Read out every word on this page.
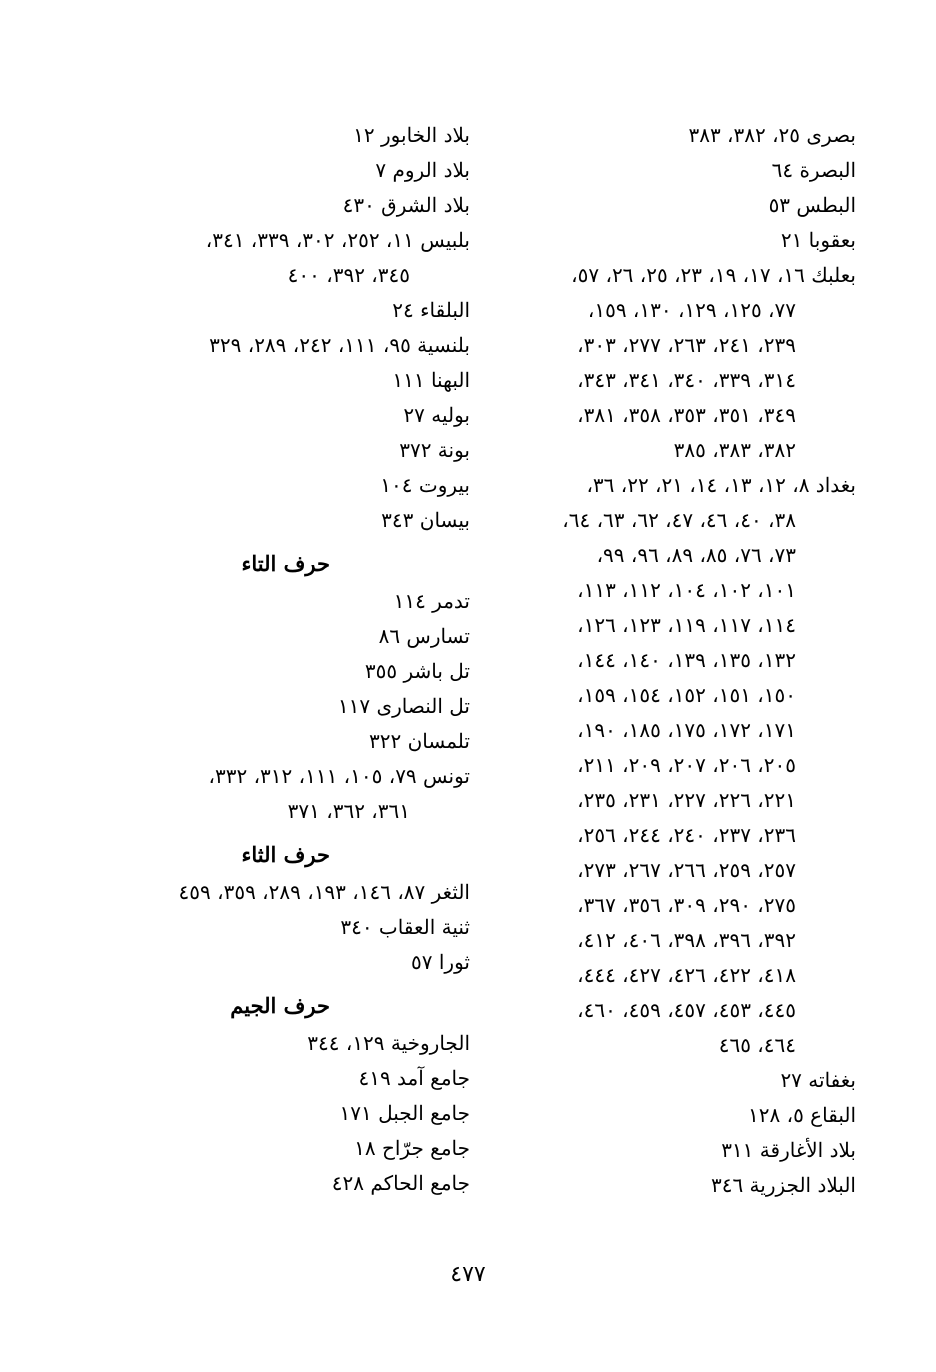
بصرى ٢٥، ٣٨٢، ٣٨٣
البصرة ٦٤
البطس ٥٣
بعقوبا ٢١
بعلبك ١٦، ١٧، ١٩، ٢٣، ٢٥، ٢٦، ٥٧،
٧٧، ١٢٥، ١٢٩، ١٣٠، ١٥٩،
٢٣٩، ٢٤١، ٢٦٣، ٢٧٧، ٣٠٣،
٣١٤، ٣٣٩، ٣٤٠، ٣٤١، ٣٤٣،
٣٤٩، ٣٥١، ٣٥٣، ٣٥٨، ٣٨١،
٣٨٢، ٣٨٣، ٣٨٥
بغداد ٨، ١٢، ١٣، ١٤، ٢١، ٢٢، ٣٦،
٣٨، ٤٠، ٤٦، ٤٧، ٦٢، ٦٣، ٦٤،
٧٣، ٧٦، ٨٥، ٨٩، ٩٦، ٩٩،
١٠١، ١٠٢، ١٠٤، ١١٢، ١١٣،
١١٤، ١١٧، ١١٩، ١٢٣، ١٢٦،
١٣٢، ١٣٥، ١٣٩، ١٤٠، ١٤٤،
١٥٠، ١٥١، ١٥٢، ١٥٤، ١٥٩،
١٧١، ١٧٢، ١٧٥، ١٨٥، ١٩٠،
٢٠٥، ٢٠٦، ٢٠٧، ٢٠٩، ٢١١،
٢٢١، ٢٢٦، ٢٢٧، ٢٣١، ٢٣٥،
٢٣٦، ٢٣٧، ٢٤٠، ٢٤٤، ٢٥٦،
٢٥٧، ٢٥٩، ٢٦٦، ٢٦٧، ٢٧٣،
٢٧٥، ٢٩٠، ٣٠٩، ٣٥٦، ٣٦٧،
٣٩٢، ٣٩٦، ٣٩٨، ٤٠٦، ٤١٢،
٤١٨، ٤٢٢، ٤٢٦، ٤٢٧، ٤٤٤،
٤٤٥، ٤٥٣، ٤٥٧، ٤٥٩، ٤٦٠،
٤٦٤، ٤٦٥
بغفاته ٢٧
البقاع ٥، ١٢٨
بلاد الأغارقة ٣١١
البلاد الجزرية ٣٤٦
بلاد الخابور ١٢
بلاد الروم ٧
بلاد الشرق ٤٣٠
بلبيس ١١، ٢٥٢، ٣٠٢، ٣٣٩، ٣٤١،
٣٤٥، ٣٩٢، ٤٠٠
البلقاء ٢٤
بلنسية ٩٥، ١١١، ٢٤٢، ٢٨٩، ٣٢٩
البهنا ١١١
بوليه ٢٧
بونة ٣٧٢
بيروت ١٠٤
بيسان ٣٤٣
حرف التاء
تدمر ١١٤
تسارس ٨٦
تل باشر ٣٥٥
تل النصارى ١١٧
تلمسان ٣٢٢
تونس ٧٩، ١٠٥، ١١١، ٣١٢، ٣٣٢،
٣٦١، ٣٦٢، ٣٧١
حرف الثاء
الثغر ٨٧، ١٤٦، ١٩٣، ٢٨٩، ٣٥٩، ٤٥٩
ثنية العقاب ٣٤٠
ثورا ٥٧
حرف الجيم
الجاروخية ١٢٩، ٣٤٤
جامع آمد ٤١٩
جامع الجبل ١٧١
جامع جرّاح ١٨
جامع الحاكم ٤٢٨
٤٧٧
